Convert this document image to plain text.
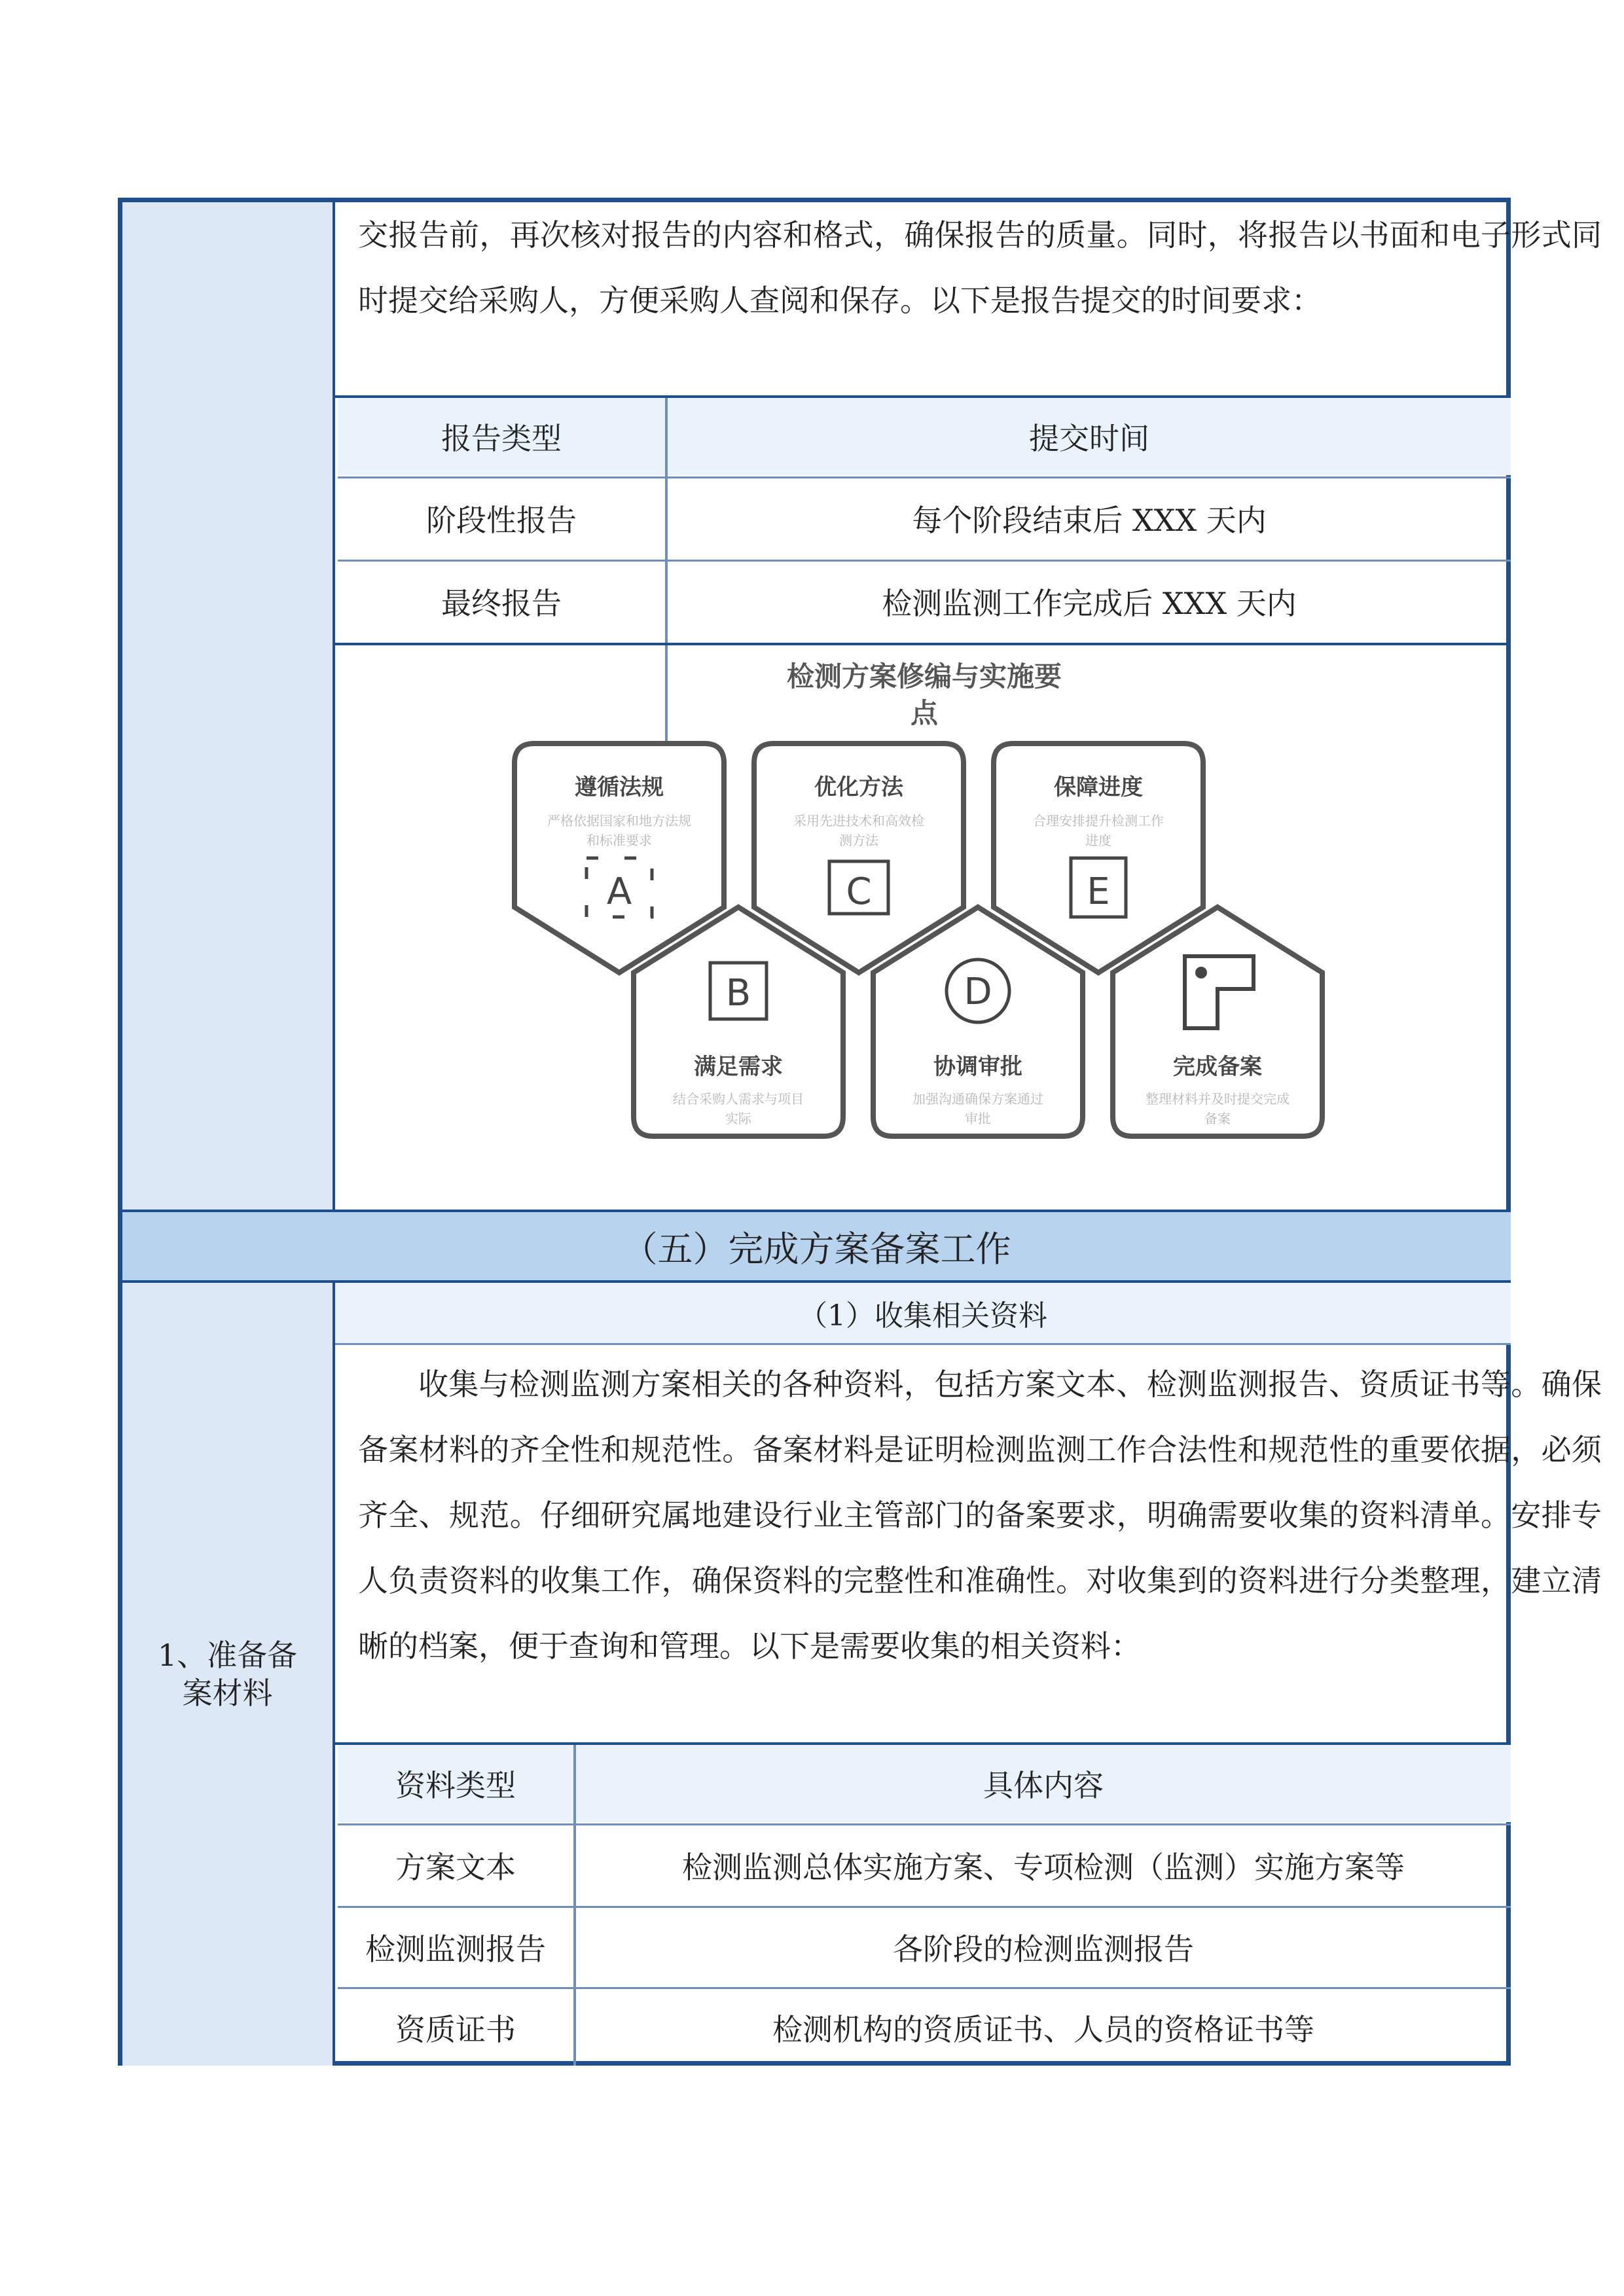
交报告前，再次核对报告的内容和格式，确保报告的质量。同时，将报告以书面和电子形式同时提交给采购人，方便采购人查阅和保存。以下是报告提交的时间要求：

报告类型	提交时间
阶段性报告	每个阶段结束后 XXX 天内
最终报告	检测监测工作完成后 XXX 天内
检测方案修编与实施要
点
遵循法规
严格依据国家和地方法规
和标准要求
A
优化方法
采用先进技术和高效检
测方法
C
保障进度
合理安排提升检测工作
进度
E
B
满足需求
结合采购人需求与项目
实际
D
协调审批
加强沟通确保方案通过
审批
完成备案
整理材料并及时提交完成
备案
（五）完成方案备案工作
1、准备备
案材料
（1）收集相关资料

收集与检测监测方案相关的各种资料，包括方案文本、检测监测报告、资质证书等。确保备案材料的齐全性和规范性。备案材料是证明检测监测工作合法性和规范性的重要依据，必须齐全、规范。仔细研究属地建设行业主管部门的备案要求，明确需要收集的资料清单。安排专人负责资料的收集工作，确保资料的完整性和准确性。对收集到的资料进行分类整理，建立清晰的档案，便于查询和管理。以下是需要收集的相关资料：

资料类型	具体内容
方案文本	检测监测总体实施方案、专项检测（监测）实施方案等
检测监测报告	各阶段的检测监测报告
资质证书	检测机构的资质证书、人员的资格证书等
